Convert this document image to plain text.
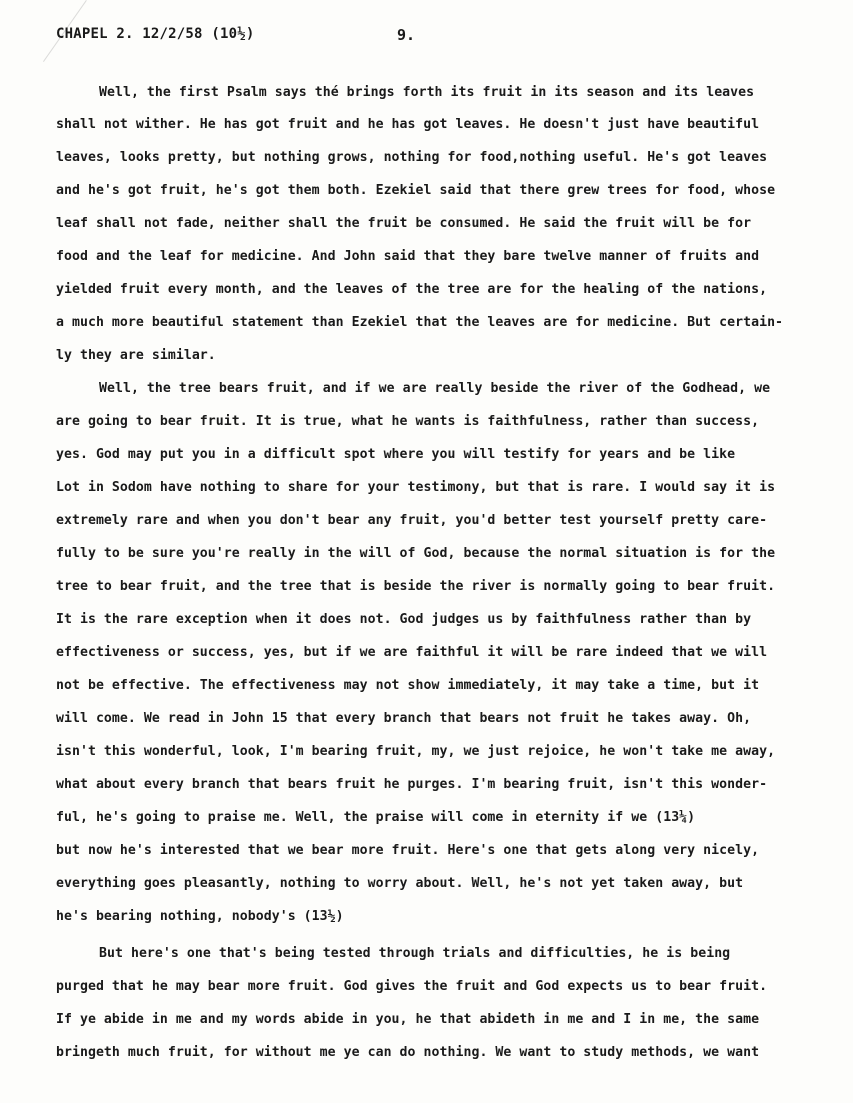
CHAPEL 2. 12/2/58 (10½)	9.
Well, the first Psalm says thé brings forth its fruit in its season and its leaves
shall not wither. He has got fruit and he has got leaves. He doesn't just have beautiful
leaves, looks pretty, but nothing grows, nothing for food,nothing useful. He's got leaves
and he's got fruit, he's got them both. Ezekiel said that there grew trees for food, whose
leaf shall not fade, neither shall the fruit be consumed. He said the fruit will be for
food and the leaf for medicine. And John said that they bare twelve manner of fruits and
yielded fruit every month, and the leaves of the tree are for the healing of the nations,
a much more beautiful statement than Ezekiel that the leaves are for medicine. But certain-
ly they are similar.
Well, the tree bears fruit, and if we are really beside the river of the Godhead, we
are going to bear fruit. It is true, what he wants is faithfulness, rather than success,
yes. God may put you in a difficult spot where you will testify for years and be like
Lot in Sodom have nothing to share for your testimony, but that is rare. I would say it is
extremely rare and when you don't bear any fruit, you'd better test yourself pretty care-
fully to be sure you're really in the will of God, because the normal situation is for the
tree to bear fruit, and the tree that is beside the river is normally going to bear fruit.
It is the rare exception when it does not. God judges us by faithfulness rather than by
effectiveness or success, yes, but if we are faithful it will be rare indeed that we will
not be effective. The effectiveness may not show immediately, it may take a time, but it
will come. We read in John 15 that every branch that bears not fruit he takes away. Oh,
isn't this wonderful, look, I'm bearing fruit, my, we just rejoice, he won't take me away,
what about every branch that bears fruit he purges. I'm bearing fruit, isn't this wonder-
ful, he's going to praise me. Well, the praise will come in eternity if we (13¼)
but now he's interested that we bear more fruit. Here's one that gets along very nicely,
everything goes pleasantly, nothing to worry about. Well, he's not yet taken away, but
he's bearing nothing, nobody's (13½)
But here's one that's being tested through trials and difficulties, he is being
purged that he may bear more fruit. God gives the fruit and God expects us to bear fruit.
If ye abide in me and my words abide in you, he that abideth in me and I in me, the same
bringeth much fruit, for without me ye can do nothing. We want to study methods, we want
